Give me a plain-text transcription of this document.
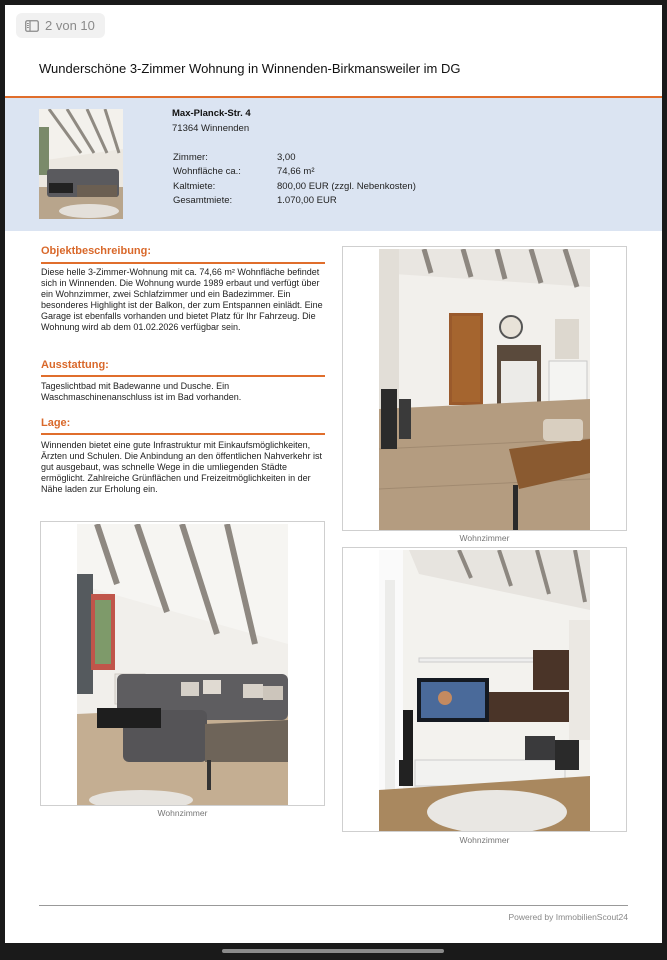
2 von 10
Wunderschöne 3-Zimmer Wohnung in Winnenden-Birkmansweiler im DG
Max-Planck-Str. 4
71364 Winnenden
Zimmer:	3,00
Wohnfläche ca.:	74,66 m²
Kaltmiete:	800,00 EUR (zzgl. Nebenkosten)
Gesamtmiete:	1.070,00 EUR
Objektbeschreibung:
Diese helle 3-Zimmer-Wohnung mit ca. 74,66 m² Wohnfläche befindet sich in Winnenden. Die Wohnung wurde 1989 erbaut und verfügt über ein Wohnzimmer, zwei Schlafzimmer und ein Badezimmer. Ein besonderes Highlight ist der Balkon, der zum Entspannen einlädt. Eine Garage ist ebenfalls vorhanden und bietet Platz für Ihr Fahrzeug. Die Wohnung wird ab dem 01.02.2026 verfügbar sein.
Ausstattung:
Tageslichtbad mit Badewanne und Dusche. Ein Waschmaschinenanschluss ist im Bad vorhanden.
Lage:
Winnenden bietet eine gute Infrastruktur mit Einkaufsmöglichkeiten, Ärzten und Schulen. Die Anbindung an den öffentlichen Nahverkehr ist gut ausgebaut, was schnelle Wege in die umliegenden Städte ermöglicht. Zahlreiche Grünflächen und Freizeitmöglichkeiten in der Nähe laden zur Erholung ein.
Wohnzimmer
Wohnzimmer
Wohnzimmer
Powered by ImmobilienScout24
